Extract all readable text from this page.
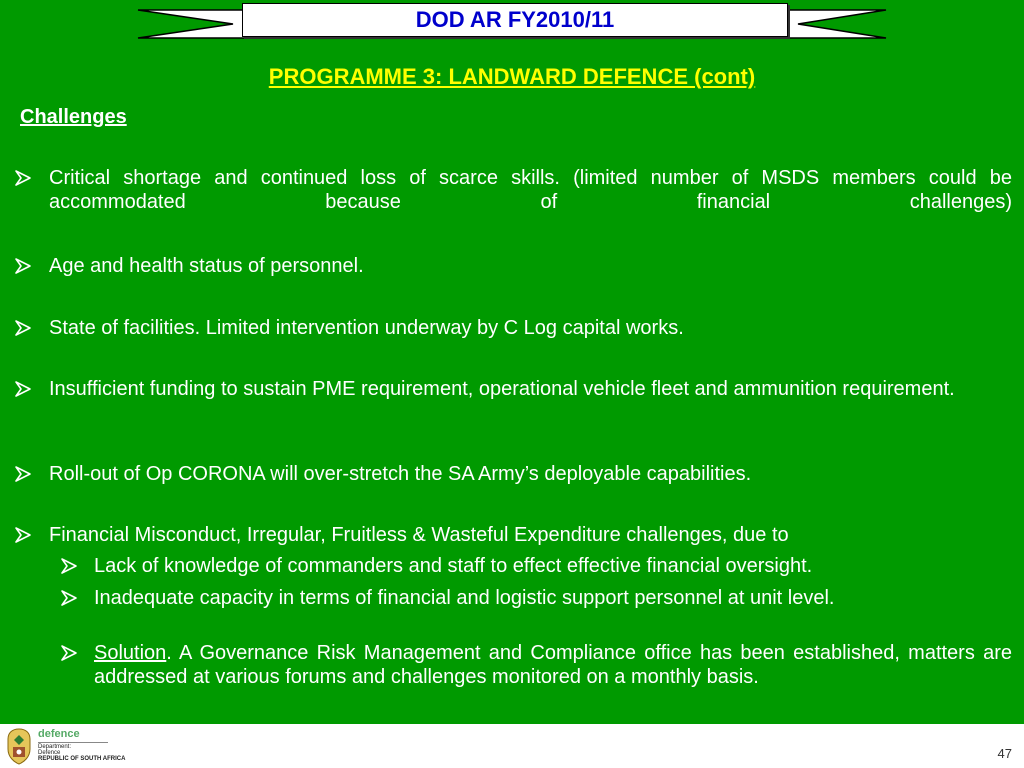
DOD AR FY2010/11
PROGRAMME 3: LANDWARD DEFENCE (cont)
Challenges
Critical shortage and continued loss of scarce skills. (limited number of MSDS members could be accommodated because of financial challenges)
Age and health status of personnel.
State of facilities. Limited intervention underway by C Log capital works.
Insufficient funding to sustain PME requirement, operational vehicle fleet and ammunition requirement.
Roll-out of Op CORONA will over-stretch the SA Army’s deployable capabilities.
Financial Misconduct, Irregular, Fruitless & Wasteful Expenditure challenges, due to
Lack of knowledge of commanders and staff to effect effective financial oversight.
Inadequate capacity in terms of financial and logistic support personnel at unit level.
Solution. A Governance Risk Management and Compliance office has been established, matters are addressed at various forums and challenges monitored on a monthly basis.
defence
Department:
Defence
REPUBLIC OF SOUTH AFRICA	47
